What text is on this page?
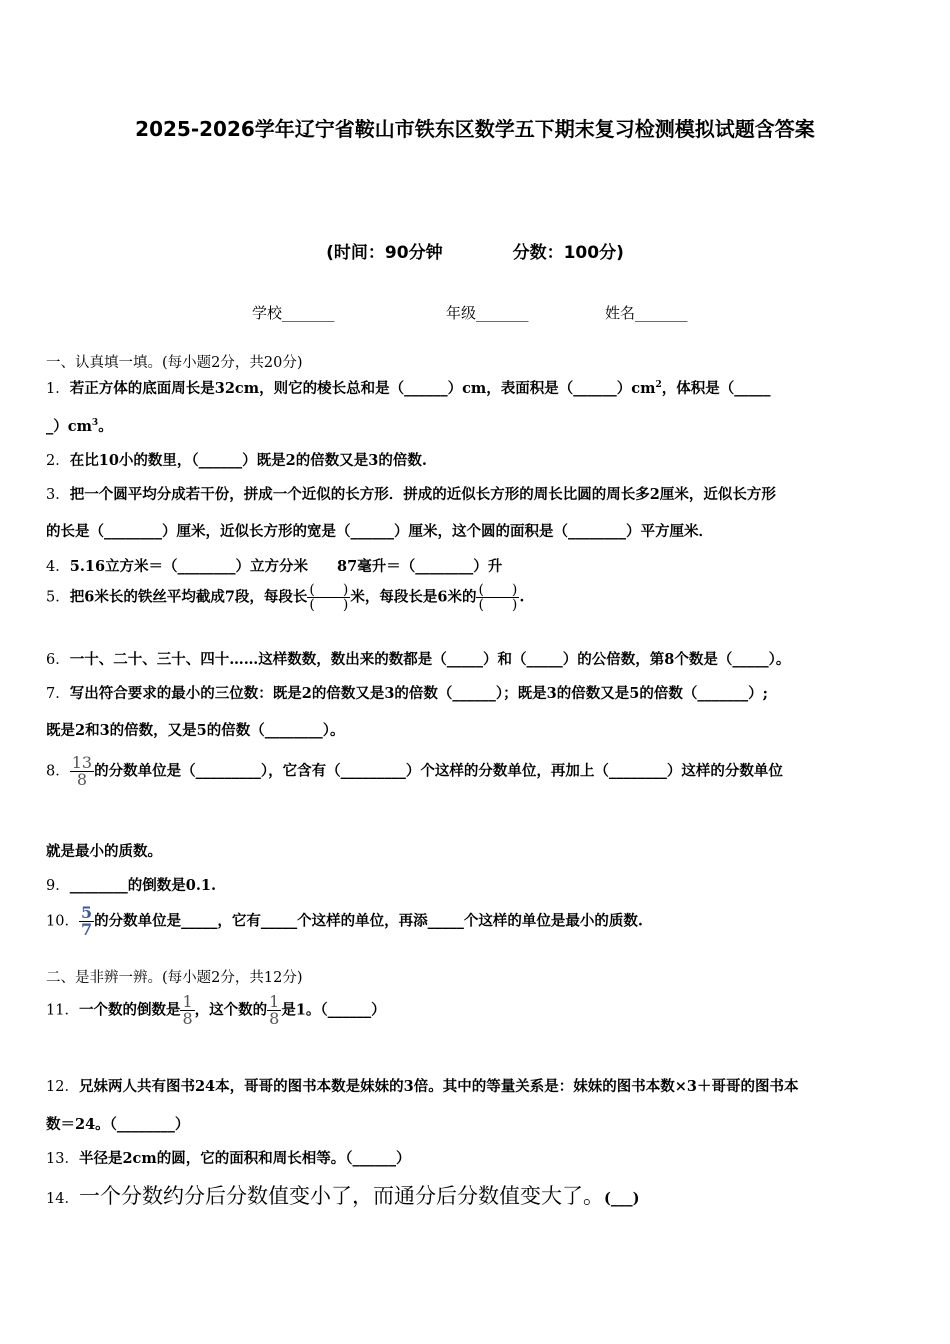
2025-2026学年辽宁省鞍山市铁东区数学五下期末复习检测模拟试题含答案
(时间：90分钟	分数：100分)
学校_______	年级_______	姓名_______
一、认真填一填。(每小题2分，共20分)
1．若正方体的底面周长是32cm，则它的棱长总和是（______）cm，表面积是$(\_\_\_\_\_\_)cm^2$，体积是（_____
$\_)cm^3$。
2．在比10小的数里，（______）既是2的倍数又是3的倍数.
3．把一个圆平均分成若干份，拼成一个近似的长方形．拼成的近似长方形的周长比圆的周长多2厘米，近似长方形
的长是（________）厘米，近似长方形的宽是（______）厘米，这个圆的面积是（________）平方厘米．
4．5.16立方米＝（________）立方分米　　87毫升＝（________）升
5．把6米长的铁丝平均截成7段，每段长 $\frac{( )}{( )}$ 米，每段长是6米的 $\frac{( )}{( )}$ .
6．一十、二十、三十、四十……这样数数，数出来的数都是（_____）和（_____）的公倍数，第8个数是（_____）。
7．写出符合要求的最小的三位数：既是2的倍数又是3的倍数（______）；既是3的倍数又是5的倍数（_______）;
既是2和3的倍数，又是5的倍数（________）。
8． $\frac{13}{8}$ 的分数单位是（_________），它含有（_________）个这样的分数单位，再加上（________）这样的分数单位
就是最小的质数。
9．________的倒数是0.1.
10． $\frac{5}{7}$ 的分数单位是_____，它有_____个这样的单位，再添_____个这样的单位是最小的质数.
二、是非辨一辨。(每小题2分，共12分)
11．一个数的倒数是 $\frac{1}{8}$ ，这个数的 $\frac{1}{8}$ 是1。（______）
12．兄妹两人共有图书24本，哥哥的图书本数是妹妹的3倍。其中的等量关系是：妹妹的图书本数×3＋哥哥的图书本
数＝24。（________）
13．半径是2cm的圆，它的面积和周长相等。（______）
14．一个分数约分后分数值变小了，而通分后分数值变大了。(___)
